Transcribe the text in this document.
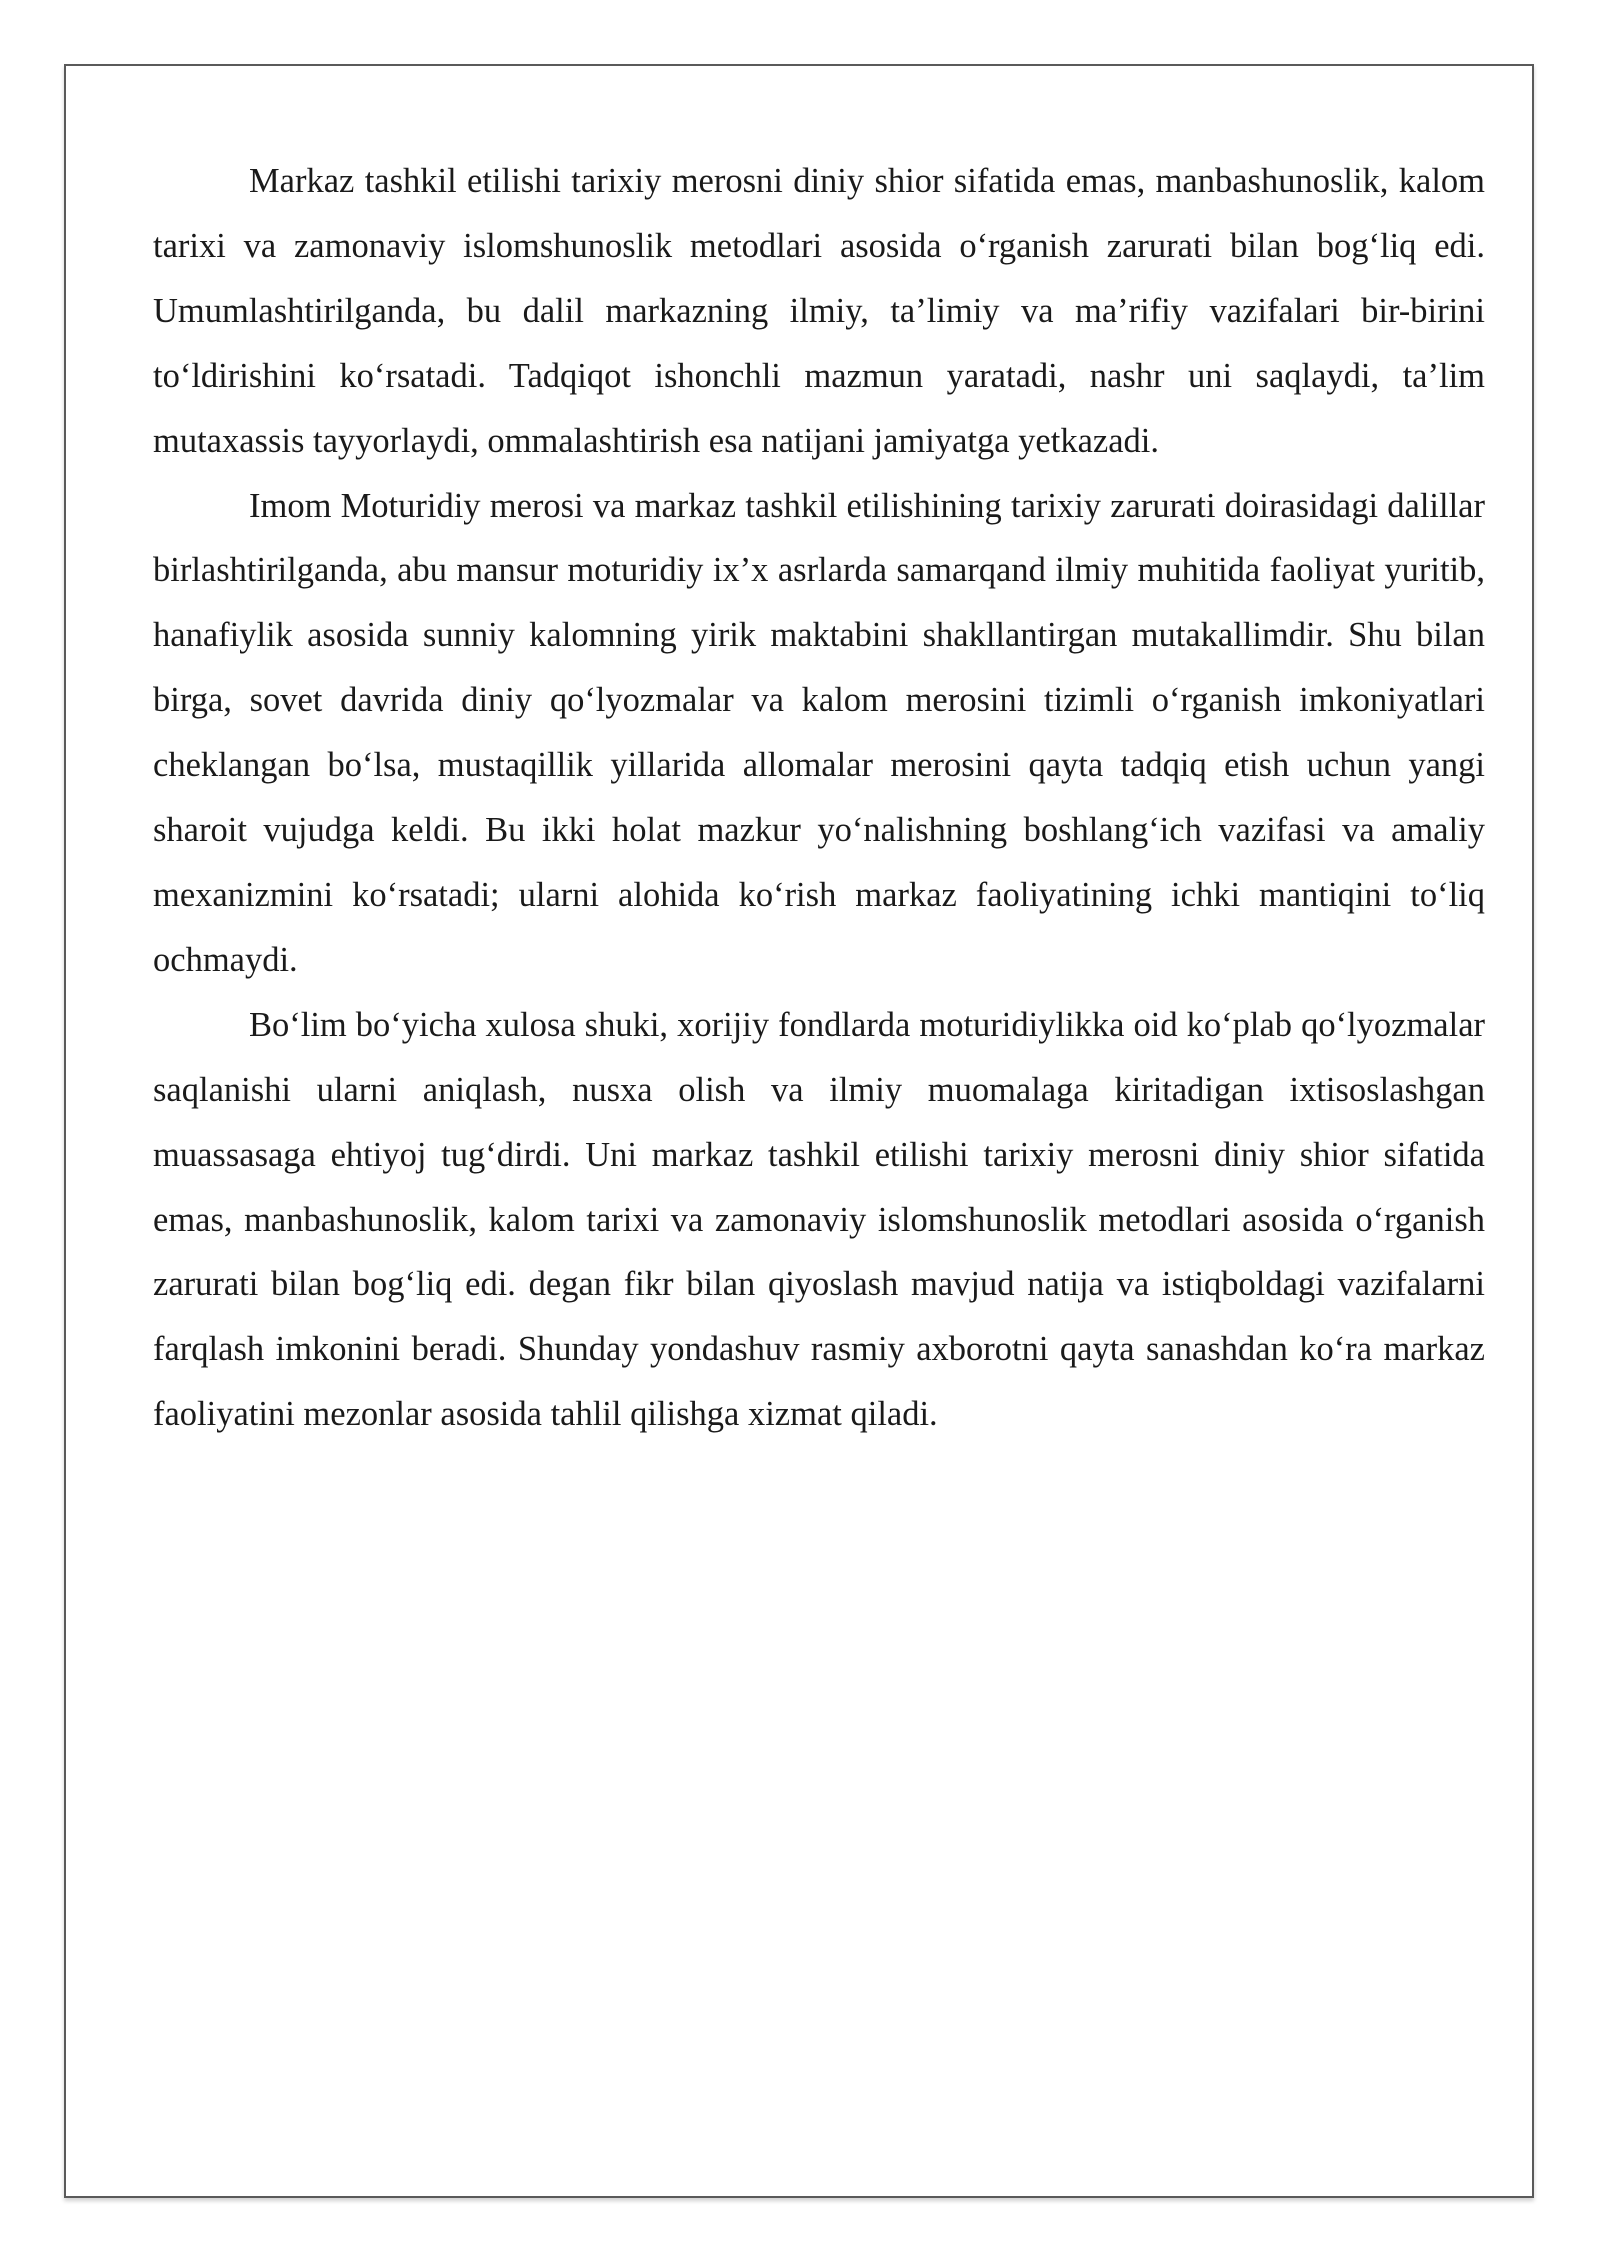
Markaz tashkil etilishi tarixiy merosni diniy shior sifatida emas, manbashunoslik, kalom tarixi va zamonaviy islomshunoslik metodlari asosida o‘rganish zarurati bilan bog‘liq edi. Umumlashtirilganda, bu dalil markazning ilmiy, ta’limiy va ma’rifiy vazifalari bir-birini to‘ldirishini ko‘rsatadi. Tadqiqot ishonchli mazmun yaratadi, nashr uni saqlaydi, ta’lim mutaxassis tayyorlaydi, ommalashtirish esa natijani jamiyatga yetkazadi.

Imom Moturidiy merosi va markaz tashkil etilishining tarixiy zarurati doirasidagi dalillar birlashtirilganda, abu mansur moturidiy ix’x asrlarda samarqand ilmiy muhitida faoliyat yuritib, hanafiylik asosida sunniy kalomning yirik maktabini shakllantirgan mutakallimdir. Shu bilan birga, sovet davrida diniy qo‘lyozmalar va kalom merosini tizimli o‘rganish imkoniyatlari cheklangan bo‘lsa, mustaqillik yillarida allomalar merosini qayta tadqiq etish uchun yangi sharoit vujudga keldi. Bu ikki holat mazkur yo‘nalishning boshlang‘ich vazifasi va amaliy mexanizmini ko‘rsatadi; ularni alohida ko‘rish markaz faoliyatining ichki mantiqini to‘liq ochmaydi.

Bo‘lim bo‘yicha xulosa shuki, xorijiy fondlarda moturidiylikka oid ko‘plab qo‘lyozmalar saqlanishi ularni aniqlash, nusxa olish va ilmiy muomalaga kiritadigan ixtisoslashgan muassasaga ehtiyoj tug‘dirdi. Uni markaz tashkil etilishi tarixiy merosni diniy shior sifatida emas, manbashunoslik, kalom tarixi va zamonaviy islomshunoslik metodlari asosida o‘rganish zarurati bilan bog‘liq edi. degan fikr bilan qiyoslash mavjud natija va istiqboldagi vazifalarni farqlash imkonini beradi. Shunday yondashuv rasmiy axborotni qayta sanashdan ko‘ra markaz faoliyatini mezonlar asosida tahlil qilishga xizmat qiladi.
